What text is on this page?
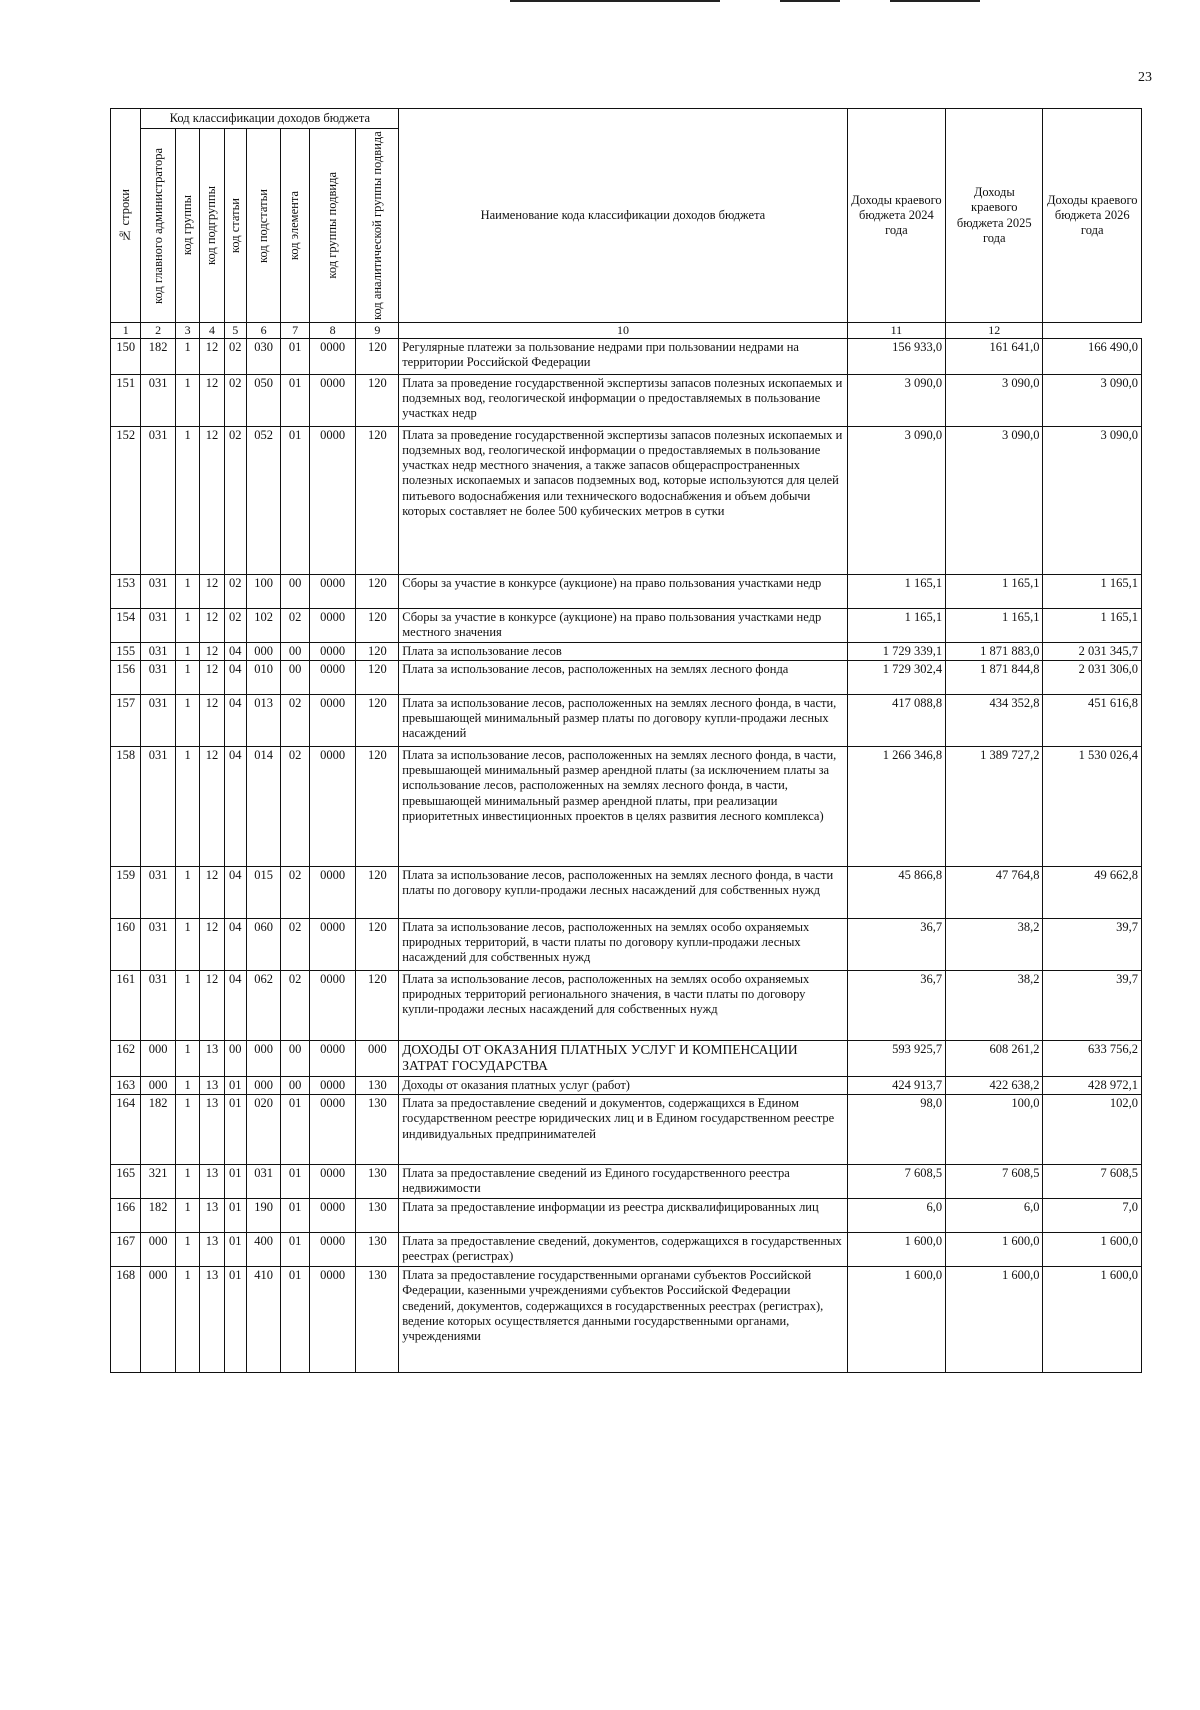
23
№ строки	Код классификации доходов бюджета								Наименование кода классификации доходов бюджета	Доходы краевого бюджета 2024 года	Доходы краевого бюджета 2025 года	Доходы краевого бюджета 2026 года

	код главного администратора	код группы	код подгруппы	код статьи	код подстатьи	код элемента	код группы подвида	код аналитической группы подвида				

1	2	3	4	5	6	7	8	9	10	11	12	
150	182	1	12	02	030	01	0000	120	Регулярные платежи за пользование недрами при пользовании недрами на территории Российской Федерации	156 933,0	161 641,0	166 490,0
151	031	1	12	02	050	01	0000	120	Плата за проведение государственной экспертизы запасов полезных ископаемых и подземных вод, геологической информации о предоставляемых в пользование участках недр	3 090,0	3 090,0	3 090,0
152	031	1	12	02	052	01	0000	120	Плата за проведение государственной экспертизы запасов полезных ископаемых и подземных вод, геологической информации о предоставляемых в пользование участках недр местного значения, а также запасов общераспространенных полезных ископаемых и запасов подземных вод, которые используются для целей питьевого водоснабжения или технического водоснабжения и объем добычи которых составляет не более 500 кубических метров в сутки	3 090,0	3 090,0	3 090,0
153	031	1	12	02	100	00	0000	120	Сборы за участие в конкурсе (аукционе) на право пользования участками недр	1 165,1	1 165,1	1 165,1
154	031	1	12	02	102	02	0000	120	Сборы за участие в конкурсе (аукционе) на право пользования участками недр местного значения	1 165,1	1 165,1	1 165,1
155	031	1	12	04	000	00	0000	120	Плата за использование лесов	1 729 339,1	1 871 883,0	2 031 345,7
156	031	1	12	04	010	00	0000	120	Плата за использование лесов, расположенных на землях лесного фонда	1 729 302,4	1 871 844,8	2 031 306,0
157	031	1	12	04	013	02	0000	120	Плата за использование лесов, расположенных на землях лесного фонда, в части, превышающей минимальный размер платы по договору купли-продажи лесных насаждений	417 088,8	434 352,8	451 616,8
158	031	1	12	04	014	02	0000	120	Плата за использование лесов, расположенных на землях лесного фонда, в части, превышающей минимальный размер арендной платы (за исключением платы за использование лесов, расположенных на землях лесного фонда, в части, превышающей минимальный размер арендной платы, при реализации приоритетных инвестиционных проектов в целях развития лесного комплекса)	1 266 346,8	1 389 727,2	1 530 026,4
159	031	1	12	04	015	02	0000	120	Плата за использование лесов, расположенных на землях лесного фонда, в части платы по договору купли-продажи лесных насаждений для собственных нужд	45 866,8	47 764,8	49 662,8
160	031	1	12	04	060	02	0000	120	Плата за использование лесов, расположенных на землях особо охраняемых природных территорий, в части платы по договору купли-продажи лесных насаждений для собственных нужд	36,7	38,2	39,7
161	031	1	12	04	062	02	0000	120	Плата за использование лесов, расположенных на землях особо охраняемых природных территорий регионального значения, в части платы по договору купли-продажи лесных насаждений для собственных нужд	36,7	38,2	39,7
162	000	1	13	00	000	00	0000	000	ДОХОДЫ ОТ ОКАЗАНИЯ ПЛАТНЫХ УСЛУГ И КОМПЕНСАЦИИ ЗАТРАТ ГОСУДАРСТВА	593 925,7	608 261,2	633 756,2
163	000	1	13	01	000	00	0000	130	Доходы от оказания платных услуг (работ)	424 913,7	422 638,2	428 972,1
164	182	1	13	01	020	01	0000	130	Плата за предоставление сведений и документов, содержащихся в Едином государственном реестре юридических лиц и в Едином государственном реестре индивидуальных предпринимателей	98,0	100,0	102,0
165	321	1	13	01	031	01	0000	130	Плата за предоставление сведений из Единого государственного реестра недвижимости	7 608,5	7 608,5	7 608,5
166	182	1	13	01	190	01	0000	130	Плата за предоставление информации из реестра дисквалифицированных лиц	6,0	6,0	7,0
167	000	1	13	01	400	01	0000	130	Плата за предоставление сведений, документов, содержащихся в государственных реестрах (регистрах)	1 600,0	1 600,0	1 600,0
168	000	1	13	01	410	01	0000	130	Плата за предоставление государственными органами субъектов Российской Федерации, казенными учреждениями субъектов Российской Федерации сведений, документов, содержащихся в государственных реестрах (регистрах), ведение которых осуществляется данными государственными органами, учреждениями	1 600,0	1 600,0	1 600,0
